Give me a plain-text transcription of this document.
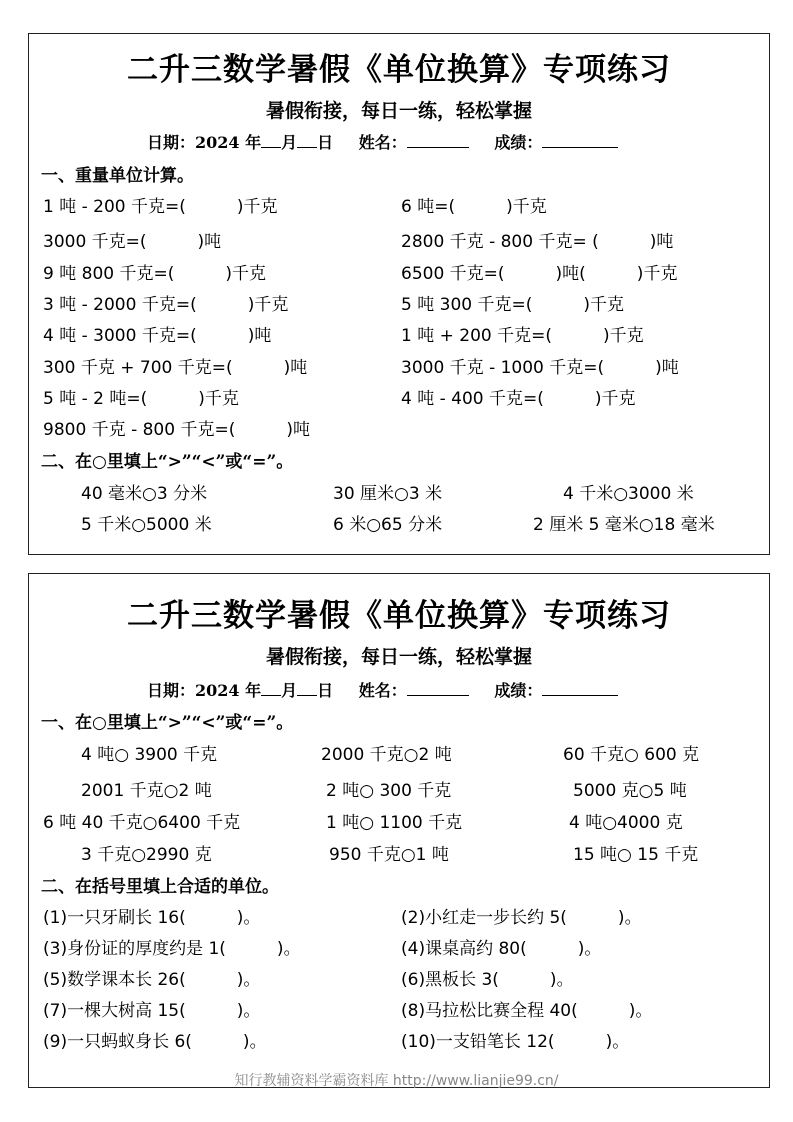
二升三数学暑假《单位换算》专项练习
暑假衔接，每日一练，轻松掌握
日期：2024 年 月 日 姓名：	成绩：
一、重量单位计算。
1 吨 - 200 千克=(　　　)千克	6 吨=(　　　)千克
3000 千克=(　　　)吨	2800 千克 - 800 千克= (　　　)吨
9 吨 800 千克=(　　　)千克	6500 千克=(　　　)吨(　　　)千克
3 吨 - 2000 千克=(　　　)千克	5 吨 300 千克=(　　　)千克
4 吨 - 3000 千克=(　　　)吨	1 吨 + 200 千克=(　　　)千克
300 千克 + 700 千克=(　　　)吨	3000 千克 - 1000 千克=(　　　)吨
5 吨 - 2 吨=(　　　)千克	4 吨 - 400 千克=(　　　)千克
9800 千克 - 800 千克=(　　　)吨
二、在○里填上“>”“<”或“=”。
40 毫米○3 分米	30 厘米○3 米	4 千米○3000 米
5 千米○5000 米	6 米○65 分米	2 厘米 5 毫米○18 毫米
二升三数学暑假《单位换算》专项练习
暑假衔接，每日一练，轻松掌握
日期：2024 年 月 日 姓名：	成绩：
一、在○里填上“>”“<”或“=”。
4 吨○ 3900 千克	2000 千克○2 吨	60 千克○ 600 克
2001 千克○2 吨	2 吨○ 300 千克	5000 克○5 吨
6 吨 40 千克○6400 千克	1 吨○ 1100 千克	4 吨○4000 克
3 千克○2990 克	950 千克○1 吨	15 吨○ 15 千克
二、在括号里填上合适的单位。
(1)一只牙刷长 16(　　　)。	(2)小红走一步长约 5(　　　)。
(3)身份证的厚度约是 1(　　　)。	(4)课桌高约 80(　　　)。
(5)数学课本长 26(　　　)。	(6)黑板长 3(　　　)。
(7)一棵大树高 15(　　　)。	(8)马拉松比赛全程 40(　　　)。
(9)一只蚂蚁身长 6(　　　)。	(10)一支铅笔长 12(　　　)。
知行教辅资料学霸资料库 http://www.lianjie99.cn/
